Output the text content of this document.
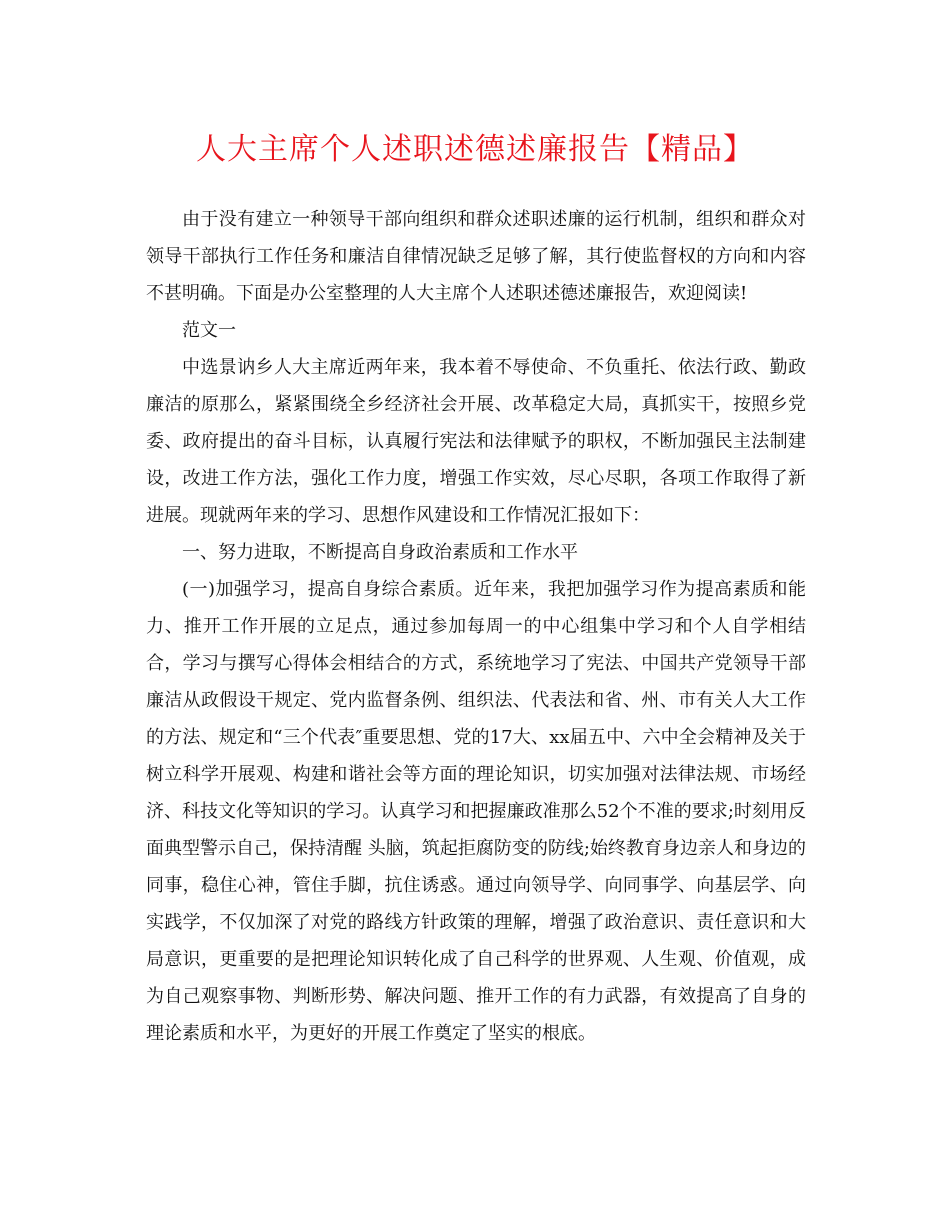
人大主席个人述职述德述廉报告【精品】

由于没有建立一种领导干部向组织和群众述职述廉的运行机制，组织和群众对领导干部执行工作任务和廉洁自律情况缺乏足够了解，其行使监督权的方向和内容不甚明确。下面是办公室整理的人大主席个人述职述德述廉报告，欢迎阅读!

范文一

中选景讷乡人大主席近两年来，我本着不辱使命、不负重托、依法行政、勤政廉洁的原那么，紧紧围绕全乡经济社会开展、改革稳定大局，真抓实干，按照乡党委、政府提出的奋斗目标，认真履行宪法和法律赋予的职权，不断加强民主法制建设，改进工作方法，强化工作力度，增强工作实效，尽心尽职，各项工作取得了新进展。现就两年来的学习、思想作风建设和工作情况汇报如下：

一、努力进取，不断提高自身政治素质和工作水平

(一)加强学习，提高自身综合素质。近年来，我把加强学习作为提高素质和能力、推开工作开展的立足点，通过参加每周一的中心组集中学习和个人自学相结合，学习与撰写心得体会相结合的方式，系统地学习了宪法、中国共产党领导干部廉洁从政假设干规定、党内监督条例、组织法、代表法和省、州、市有关人大工作的方法、规定和“三个代表″重要思想、党的17大、xx届五中、六中全会精神及关于树立科学开展观、构建和谐社会等方面的理论知识，切实加强对法律法规、市场经济、科技文化等知识的学习。认真学习和把握廉政准那么52个不准的要求;时刻用反面典型警示自己，保持清醒 头脑，筑起拒腐防变的防线;始终教育身边亲人和身边的同事，稳住心神，管住手脚，抗住诱惑。通过向领导学、向同事学、向基层学、向实践学，不仅加深了对党的路线方针政策的理解，增强了政治意识、责任意识和大局意识，更重要的是把理论知识转化成了自己科学的世界观、人生观、价值观，成为自己观察事物、判断形势、解决问题、推开工作的有力武器，有效提高了自身的理论素质和水平，为更好的开展工作奠定了坚实的根底。
